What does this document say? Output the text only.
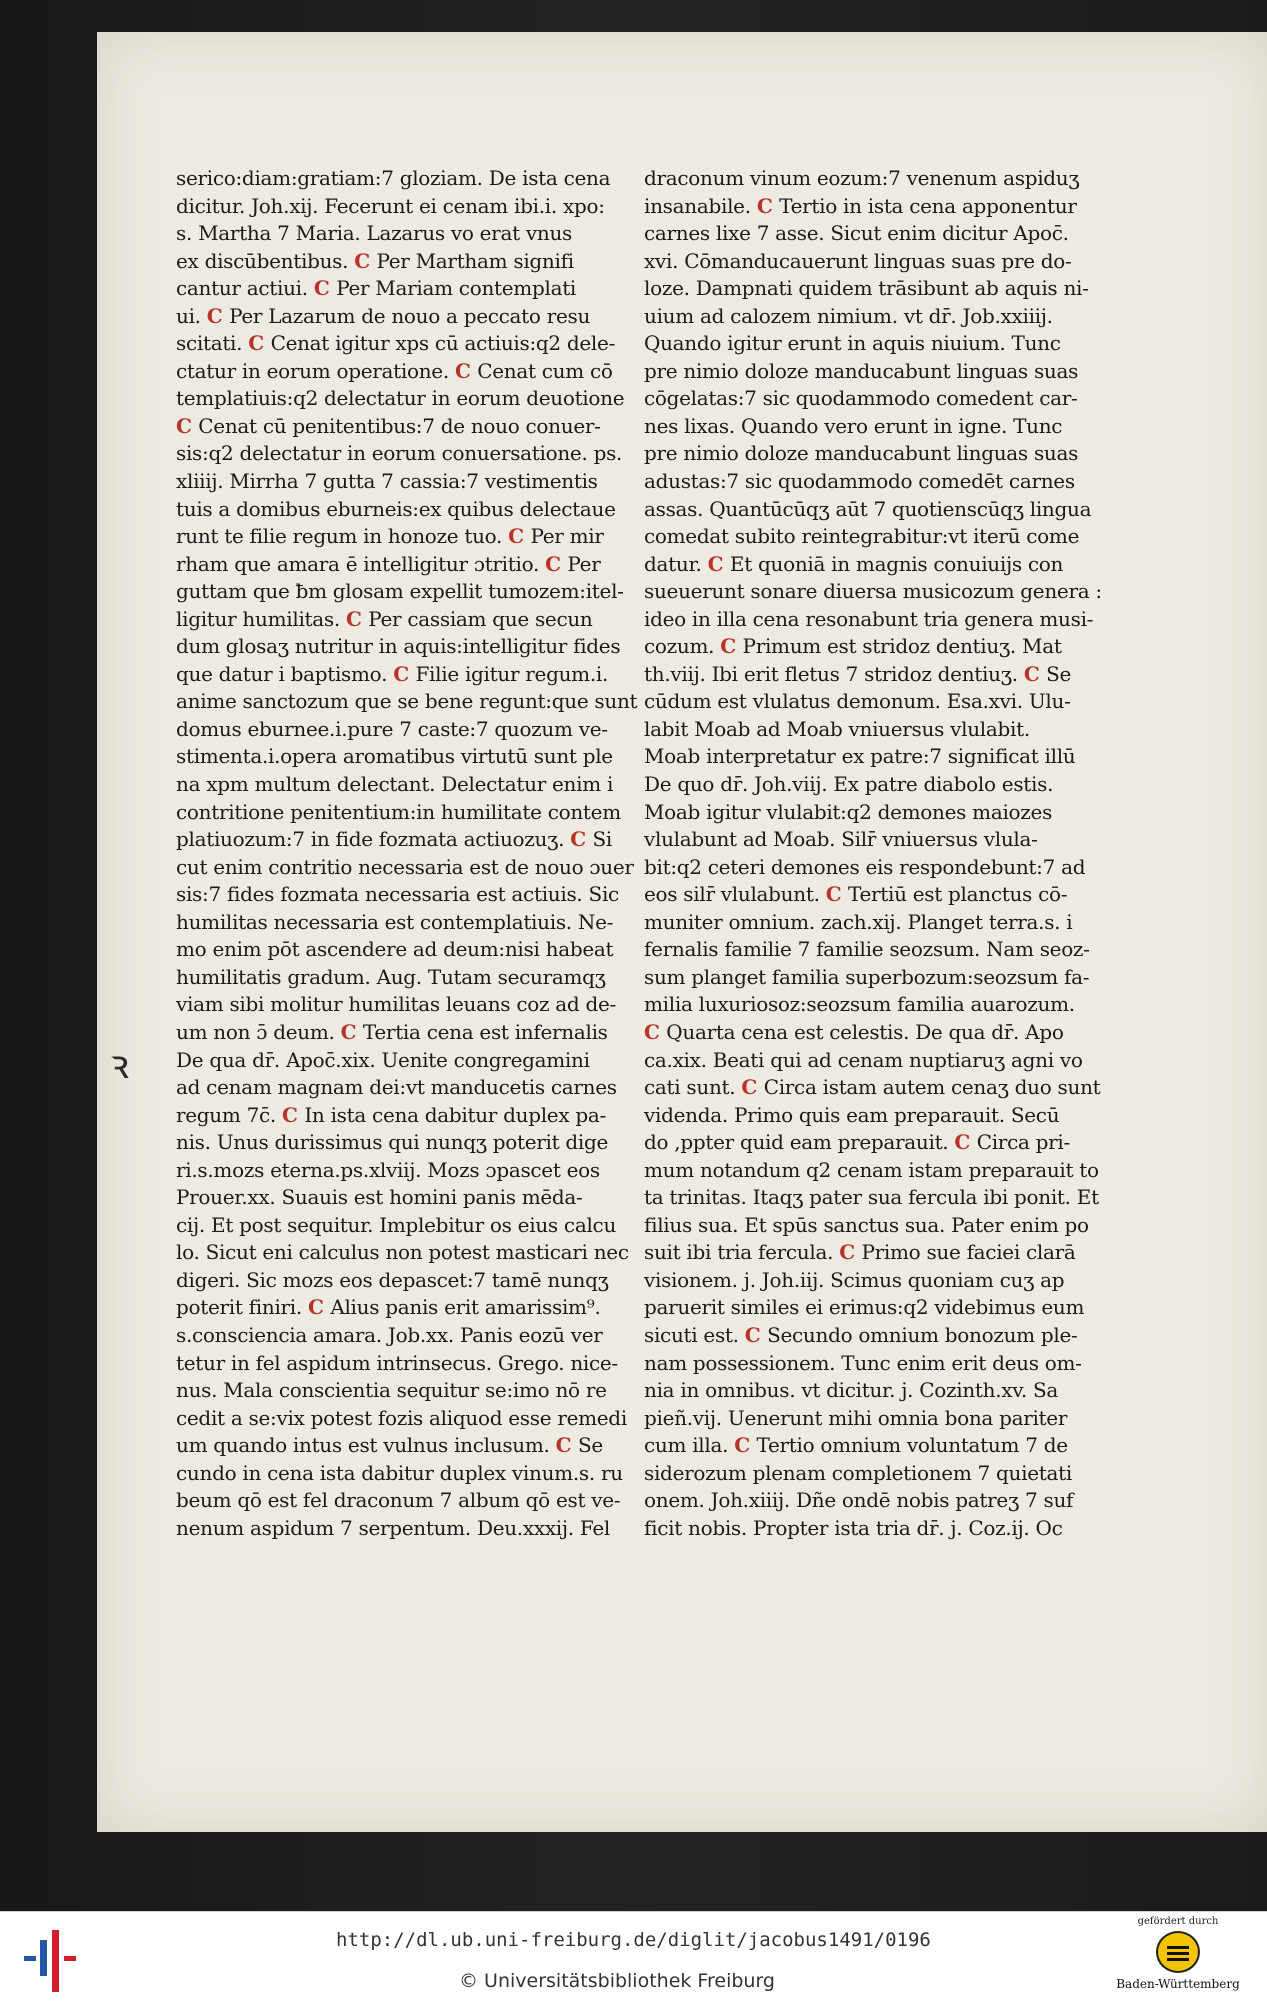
serico:diam:gratiam:7 gloziam. De ista cena
dicitur. Joh.xij. Fecerunt ei cenam ibi.i. xpo:
s. Martha 7 Maria. Lazarus vo erat vnus
ex discūbentibus. C Per Martham signifi
cantur actiui. C Per Mariam contemplati
ui. C Per Lazarum de nouo a peccato resu
scitati. C Cenat igitur xps cū actiuis:q2 dele-
ctatur in eorum operatione. C Cenat cum cō
templatiuis:q2 delectatur in eorum deuotione
C Cenat cū penitentibus:7 de nouo conuer-
sis:q2 delectatur in eorum conuersatione. ps.
xliiij. Mirrha 7 gutta 7 cassia:7 vestimentis
tuis a domibus eburneis:ex quibus delectaue
runt te filie regum in honoze tuo. C Per mir
rham que amara ē intelligitur ɔtritio. C Per
guttam que ƀm glosam expellit tumozem:itel-
ligitur humilitas. C Per cassiam que secun
dum glosaʒ nutritur in aquis:intelligitur fides
que datur i baptismo. C Filie igitur regum.i.
anime sanctozum que se bene regunt:que sunt
domus eburnee.i.pure 7 caste:7 quozum ve-
stimenta.i.opera aromatibus virtutū sunt ple
na xpm multum delectant. Delectatur enim i
contritione penitentium:in humilitate contem
platiuozum:7 in fide fozmata actiuozuʒ. C Si
cut enim contritio necessaria est de nouo ɔuer
sis:7 fides fozmata necessaria est actiuis. Sic
humilitas necessaria est contemplatiuis. Ne-
mo enim pōt ascendere ad deum:nisi habeat
humilitatis gradum. Aug. Tutam securamqʒ
viam sibi molitur humilitas leuans coz ad de-
um non ɔ̄ deum. C Tertia cena est infernalis
De qua dr̄. Apoc̄.xix. Uenite congregamini
ad cenam magnam dei:vt manducetis carnes
regum 7c̄. C In ista cena dabitur duplex pa-
nis. Unus durissimus qui nunqʒ poterit dige
ri.s.mozs eterna.ps.xlviij. Mozs ɔpascet eos
Prouer.xx. Suauis est homini panis mēda-
cij. Et post sequitur. Implebitur os eius calcu
lo. Sicut eni calculus non potest masticari nec
digeri. Sic mozs eos depascet:7 tamē nunqʒ
poterit finiri. C Alius panis erit amarissim⁹.
s.consciencia amara. Job.xx. Panis eozū ver
tetur in fel aspidum intrinsecus. Grego. nice-
nus. Mala conscientia sequitur se:imo nō re
cedit a se:vix potest fozis aliquod esse remedi
um quando intus est vulnus inclusum. C Se
cundo in cena ista dabitur duplex vinum.s. ru
beum qō est fel draconum 7 album qō est ve-
nenum aspidum 7 serpentum. Deu.xxxij. Fel
draconum vinum eozum:7 venenum aspiduʒ
insanabile. C Tertio in ista cena apponentur
carnes lixe 7 asse. Sicut enim dicitur Apoc̄.
xvi. Cōmanducauerunt linguas suas pre do-
loze. Dampnati quidem trāsibunt ab aquis ni-
uium ad calozem nimium. vt dr̄. Job.xxiiij.
Quando igitur erunt in aquis niuium. Tunc
pre nimio doloze manducabunt linguas suas
cōgelatas:7 sic quodammodo comedent car-
nes lixas. Quando vero erunt in igne. Tunc
pre nimio doloze manducabunt linguas suas
adustas:7 sic quodammodo comedēt carnes
assas. Quantūcūqʒ aūt 7 quotienscūqʒ lingua
comedat subito reintegrabitur:vt iterū come
datur. C Et quoniā in magnis conuiuijs con
sueuerunt sonare diuersa musicozum genera :
ideo in illa cena resonabunt tria genera musi-
cozum. C Primum est stridoz dentiuʒ. Mat
th.viij. Ibi erit fletus 7 stridoz dentiuʒ. C Se
cūdum est vlulatus demonum. Esa.xvi. Ulu-
labit Moab ad Moab vniuersus vlulabit.
Moab interpretatur ex patre:7 significat illū
De quo dr̄. Joh.viij. Ex patre diabolo estis.
Moab igitur vlulabit:q2 demones maiozes
vlulabunt ad Moab. Silr̄ vniuersus vlula-
bit:q2 ceteri demones eis respondebunt:7 ad
eos silr̄ vlulabunt. C Tertiū est planctus cō-
muniter omnium. zach.xij. Planget terra.s. i
fernalis familie 7 familie seozsum. Nam seoz-
sum planget familia superbozum:seozsum fa-
milia luxuriosoz:seozsum familia auarozum.
C Quarta cena est celestis. De qua dr̄. Apo
ca.xix. Beati qui ad cenam nuptiaruʒ agni vo
cati sunt. C Circa istam autem cenaʒ duo sunt
videnda. Primo quis eam preparauit. Secū
do ,ppter quid eam preparauit. C Circa pri-
mum notandum q2 cenam istam preparauit to
ta trinitas. Itaqʒ pater sua fercula ibi ponit. Et
filius sua. Et spūs sanctus sua. Pater enim po
suit ibi tria fercula. C Primo sue faciei clarā
visionem. j. Joh.iij. Scimus quoniam cuʒ ap
paruerit similes ei erimus:q2 videbimus eum
sicuti est. C Secundo omnium bonozum ple-
nam possessionem. Tunc enim erit deus om-
nia in omnibus. vt dicitur. j. Cozinth.xv. Sa
pieñ.vij. Uenerunt mihi omnia bona pariter
cum illa. C Tertio omnium voluntatum 7 de
siderozum plenam completionem 7 quietati
onem. Joh.xiiij. Dñe ondē nobis patreʒ 7 suf
ficit nobis. Propter ista tria dr̄. j. Coz.ij. Oc
ꝛ
http://dl.ub.uni-freiburg.de/diglit/jacobus1491/0196
© Universitätsbibliothek Freiburg
gefördert durch
Baden-Württemberg
